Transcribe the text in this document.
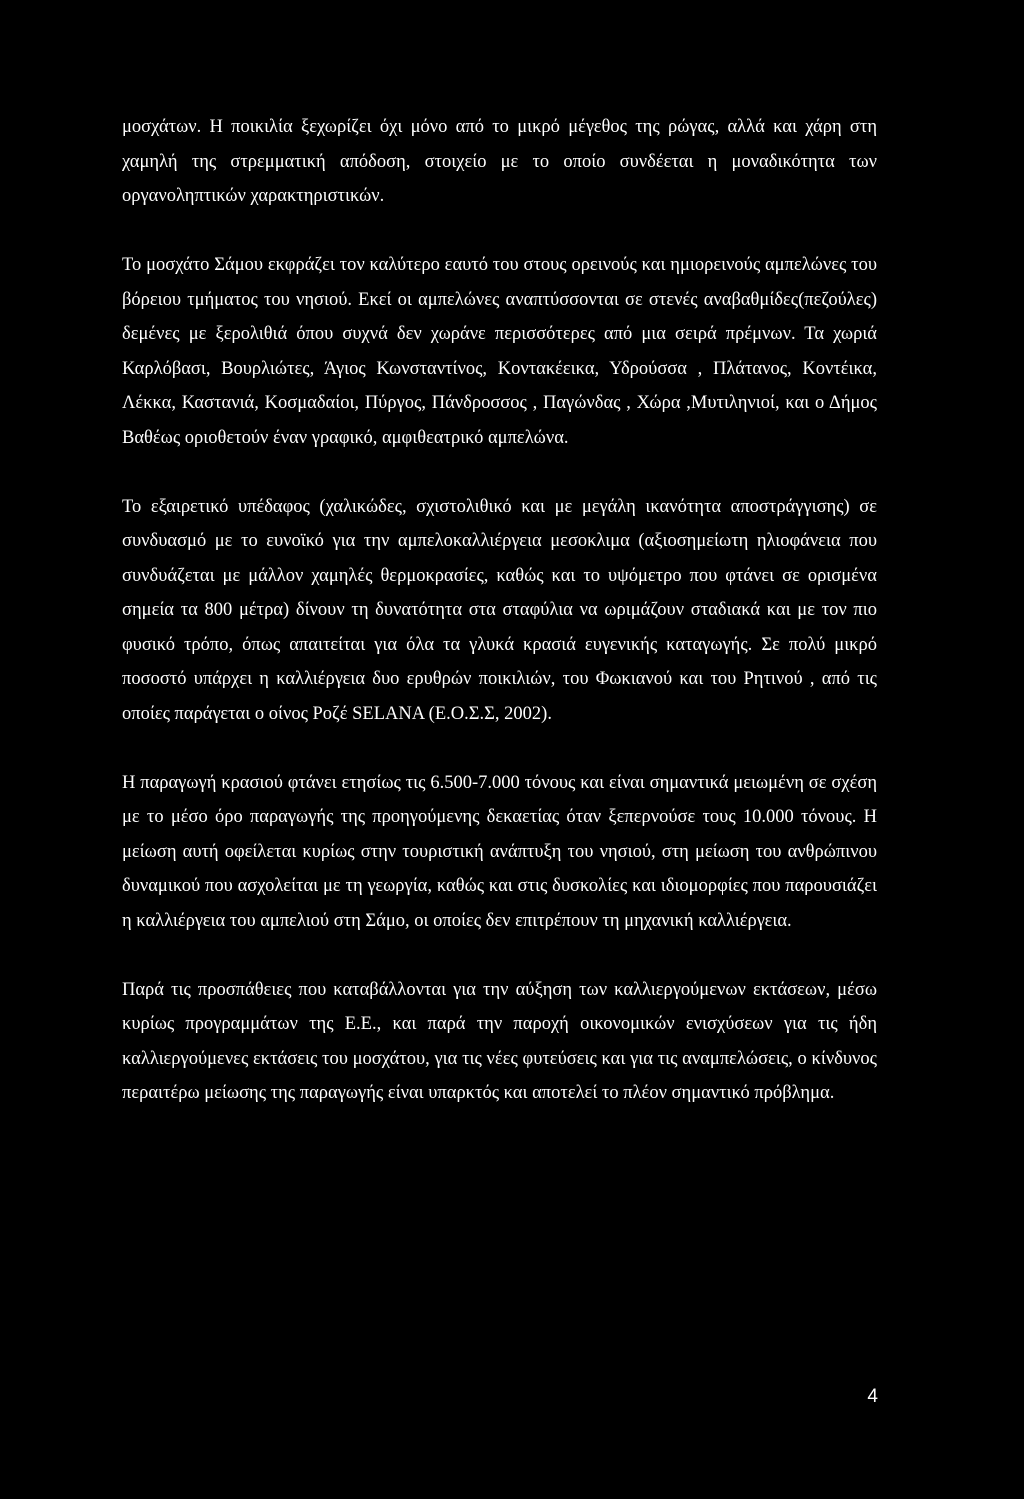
μοσχάτων. Η ποικιλία ξεχωρίζει όχι μόνο από το μικρό μέγεθος της ρώγας, αλλά και χάρη στη χαμηλή της στρεμματική απόδοση, στοιχείο με το οποίο συνδέεται η μοναδικότητα των οργανοληπτικών χαρακτηριστικών.

Το μοσχάτο Σάμου εκφράζει τον καλύτερο εαυτό του στους ορεινούς και ημιορεινούς αμπελώνες του βόρειου τμήματος του νησιού. Εκεί οι αμπελώνες αναπτύσσονται σε στενές αναβαθμίδες(πεζούλες) δεμένες με ξερολιθιά όπου συχνά δεν χωράνε περισσότερες από μια σειρά πρέμνων. Τα χωριά Καρλόβασι, Βουρλιώτες, Άγιος Κωνσταντίνος, Κοντακέεικα, Υδρούσσα , Πλάτανος, Κοντέικα, Λέκκα, Καστανιά, Κοσμαδαίοι, Πύργος, Πάνδροσσος , Παγώνδας , Χώρα ,Μυτιληνιοί, και ο Δήμος Βαθέως οριοθετούν έναν γραφικό, αμφιθεατρικό αμπελώνα.

Το εξαιρετικό υπέδαφος (χαλικώδες, σχιστολιθικό και με μεγάλη ικανότητα αποστράγγισης) σε συνδυασμό με το ευνοϊκό για την αμπελοκαλλιέργεια μεσοκλιμα (αξιοσημείωτη ηλιοφάνεια που συνδυάζεται με μάλλον χαμηλές θερμοκρασίες, καθώς και το υψόμετρο που φτάνει σε ορισμένα σημεία τα 800 μέτρα) δίνουν τη δυνατότητα στα σταφύλια να ωριμάζουν σταδιακά και με τον πιο φυσικό τρόπο, όπως απαιτείται για όλα τα γλυκά κρασιά ευγενικής καταγωγής. Σε πολύ μικρό ποσοστό υπάρχει η καλλιέργεια δυο ερυθρών ποικιλιών, του Φωκιανού και του Ρητινού , από τις οποίες παράγεται ο οίνος Ροζέ SELANA (Ε.Ο.Σ.Σ, 2002).

Η παραγωγή κρασιού φτάνει ετησίως τις 6.500-7.000 τόνους και είναι σημαντικά μειωμένη σε σχέση με το μέσο όρο παραγωγής της προηγούμενης δεκαετίας όταν ξεπερνούσε τους 10.000 τόνους. Η μείωση αυτή οφείλεται κυρίως στην τουριστική ανάπτυξη του νησιού, στη μείωση του ανθρώπινου δυναμικού που ασχολείται με τη γεωργία, καθώς και στις δυσκολίες και ιδιομορφίες που παρουσιάζει η καλλιέργεια του αμπελιού στη Σάμο, οι οποίες δεν επιτρέπουν τη μηχανική καλλιέργεια.

Παρά τις προσπάθειες που καταβάλλονται για την αύξηση των καλλιεργούμενων εκτάσεων, μέσω κυρίως προγραμμάτων της Ε.Ε., και παρά την παροχή οικονομικών ενισχύσεων για τις ήδη καλλιεργούμενες εκτάσεις του μοσχάτου, για τις νέες φυτεύσεις και για τις αναμπελώσεις, ο κίνδυνος περαιτέρω μείωσης της παραγωγής είναι υπαρκτός και αποτελεί το πλέον σημαντικό πρόβλημα.

4
